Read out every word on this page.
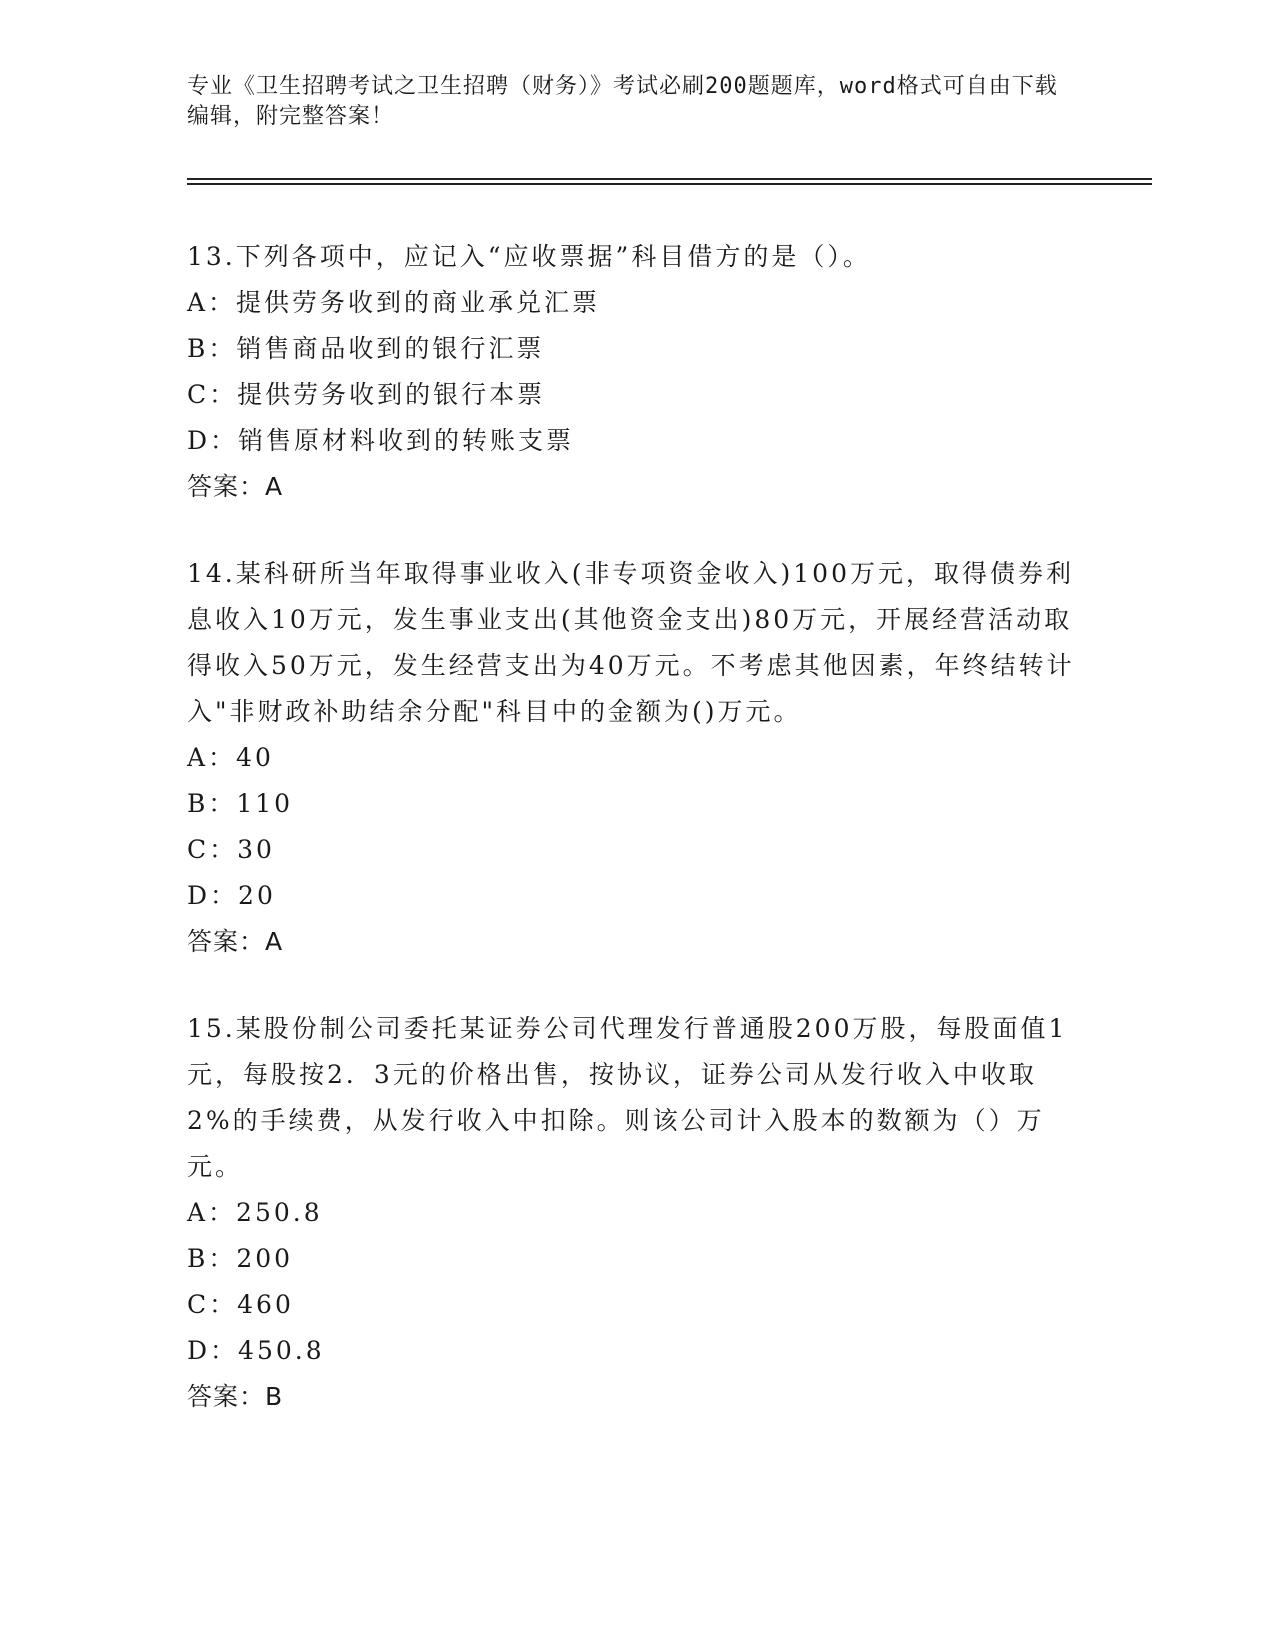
专业《卫生招聘考试之卫生招聘（财务）》考试必刷200题题库，word格式可自由下载编辑，附完整答案！
13.下列各项中，应记入“应收票据”科目借方的是（）。
A：提供劳务收到的商业承兑汇票
B：销售商品收到的银行汇票
C：提供劳务收到的银行本票
D：销售原材料收到的转账支票
答案：A
14.某科研所当年取得事业收入(非专项资金收入)100万元，取得债券利息收入10万元，发生事业支出(其他资金支出)80万元，开展经营活动取得收入50万元，发生经营支出为40万元。不考虑其他因素，年终结转计入"非财政补助结余分配"科目中的金额为()万元。
A：40
B：110
C：30
D：20
答案：A
15.某股份制公司委托某证券公司代理发行普通股200万股，每股面值1元，每股按2．3元的价格出售，按协议，证券公司从发行收入中收取2%的手续费，从发行收入中扣除。则该公司计入股本的数额为（）万元。
A：250.8
B：200
C：460
D：450.8
答案：B
